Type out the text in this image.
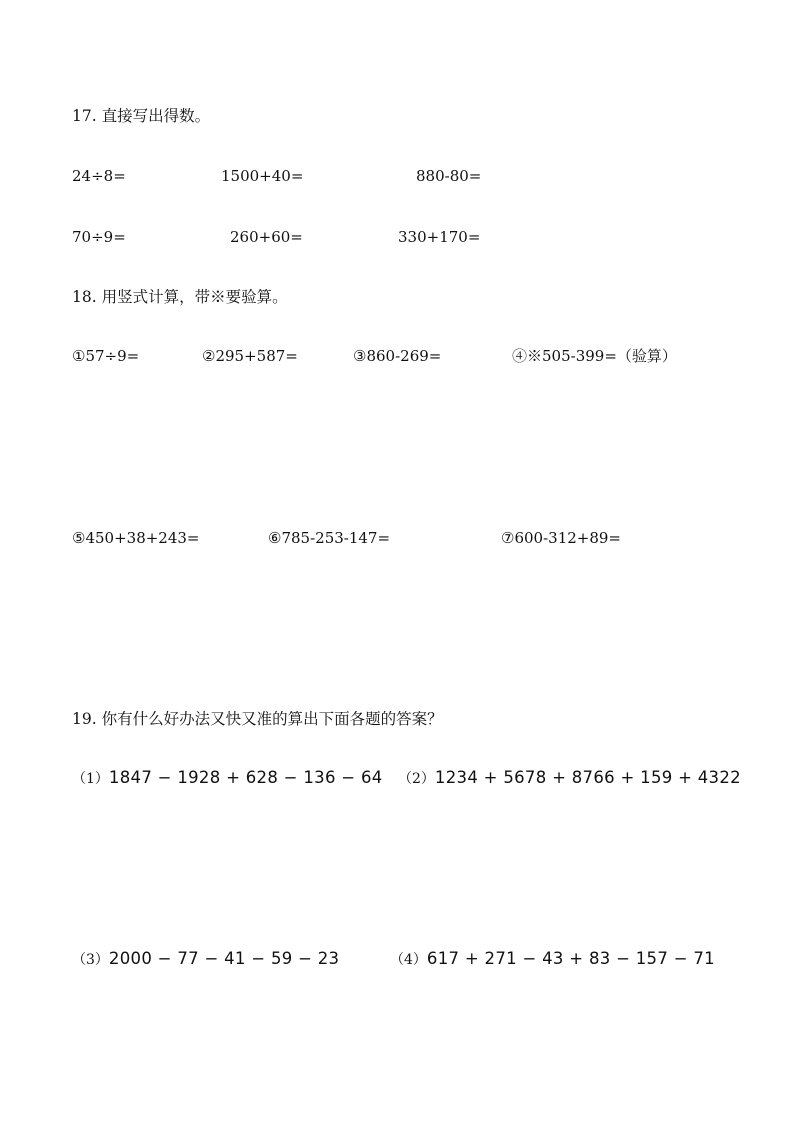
17. 直接写出得数。
24÷8=	1500+40=	880-80=
70÷9=	260+60=	330+170=
18. 用竖式计算，带※要验算。
①57÷9=	②295+587=	③860-269=	④※505-399=（验算）
⑤450+38+243=	⑥785-253-147=	⑦600-312+89=
19. 你有什么好办法又快又准的算出下面各题的答案？
（1）1847 − 1928 + 628 − 136 − 64 （2）1234 + 5678 + 8766 + 159 + 4322
（3）2000 − 77 − 41 − 59 − 23	（4）617 + 271 − 43 + 83 − 157 − 71
